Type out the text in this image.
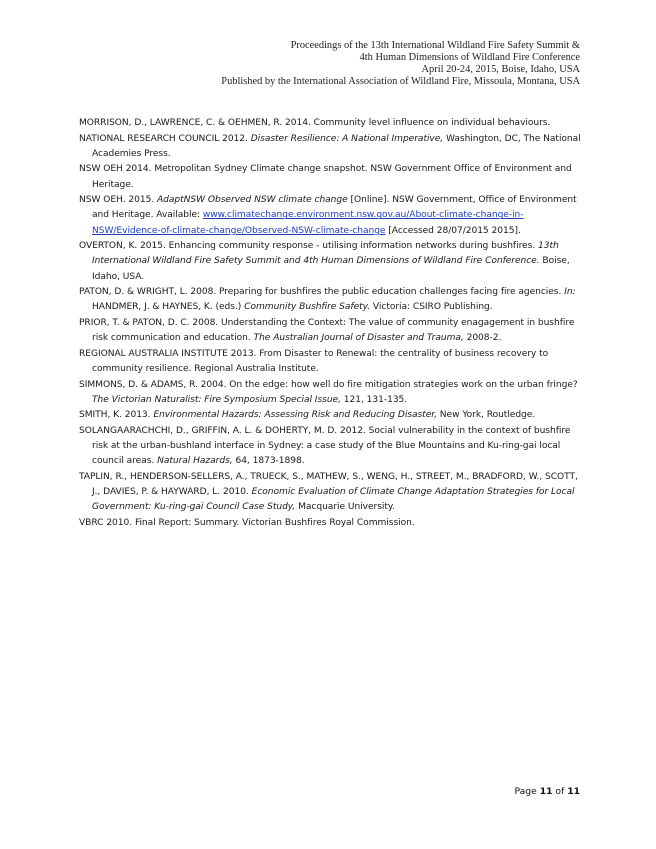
Proceedings of the 13th International Wildland Fire Safety Summit &
4th Human Dimensions of Wildland Fire Conference
April 20-24, 2015, Boise, Idaho, USA
Published by the International Association of Wildland Fire, Missoula, Montana, USA

MORRISON, D., LAWRENCE, C. & OEHMEN, R. 2014. Community level influence on individual behaviours.

NATIONAL RESEARCH COUNCIL 2012. Disaster Resilience: A National Imperative, Washington, DC, The National Academies Press.

NSW OEH 2014. Metropolitan Sydney Climate change snapshot. NSW Government Office of Environment and Heritage.

NSW OEH. 2015. AdaptNSW Observed NSW climate change [Online]. NSW Government, Office of Environment and Heritage. Available: www.climatechange.environment.nsw.gov.au/About-climate-change-in-NSW/Evidence-of-climate-change/Observed-NSW-climate-change [Accessed 28/07/2015 2015].

OVERTON, K. 2015. Enhancing community response - utilising information networks during bushfires. 13th International Wildland Fire Safety Summit and 4th Human Dimensions of Wildland Fire Conference. Boise, Idaho, USA.

PATON, D. & WRIGHT, L. 2008. Preparing for bushfires the public education challenges facing fire agencies. In: HANDMER, J. & HAYNES, K. (eds.) Community Bushfire Safety. Victoria: CSIRO Publishing.

PRIOR, T. & PATON, D. C. 2008. Understanding the Context: The value of community enagagement in bushfire risk communication and education. The Australian Journal of Disaster and Trauma, 2008-2.

REGIONAL AUSTRALIA INSTITUTE 2013. From Disaster to Renewal: the centrality of business recovery to community resilience. Regional Australia Institute.

SIMMONS, D. & ADAMS, R. 2004. On the edge: how well do fire mitigation strategies work on the urban fringe? The Victorian Naturalist: Fire Symposium Special Issue, 121, 131-135.

SMITH, K. 2013. Environmental Hazards: Assessing Risk and Reducing Disaster, New York, Routledge.

SOLANGAARACHCHI, D., GRIFFIN, A. L. & DOHERTY, M. D. 2012. Social vulnerability in the context of bushfire risk at the urban-bushland interface in Sydney: a case study of the Blue Mountains and Ku-ring-gai local council areas. Natural Hazards, 64, 1873-1898.

TAPLIN, R., HENDERSON-SELLERS, A., TRUECK, S., MATHEW, S., WENG, H., STREET, M., BRADFORD, W., SCOTT, J., DAVIES, P. & HAYWARD, L. 2010. Economic Evaluation of Climate Change Adaptation Strategies for Local Government: Ku-ring-gai Council Case Study, Macquarie University.

VBRC 2010. Final Report: Summary. Victorian Bushfires Royal Commission.

Page 11 of 11
